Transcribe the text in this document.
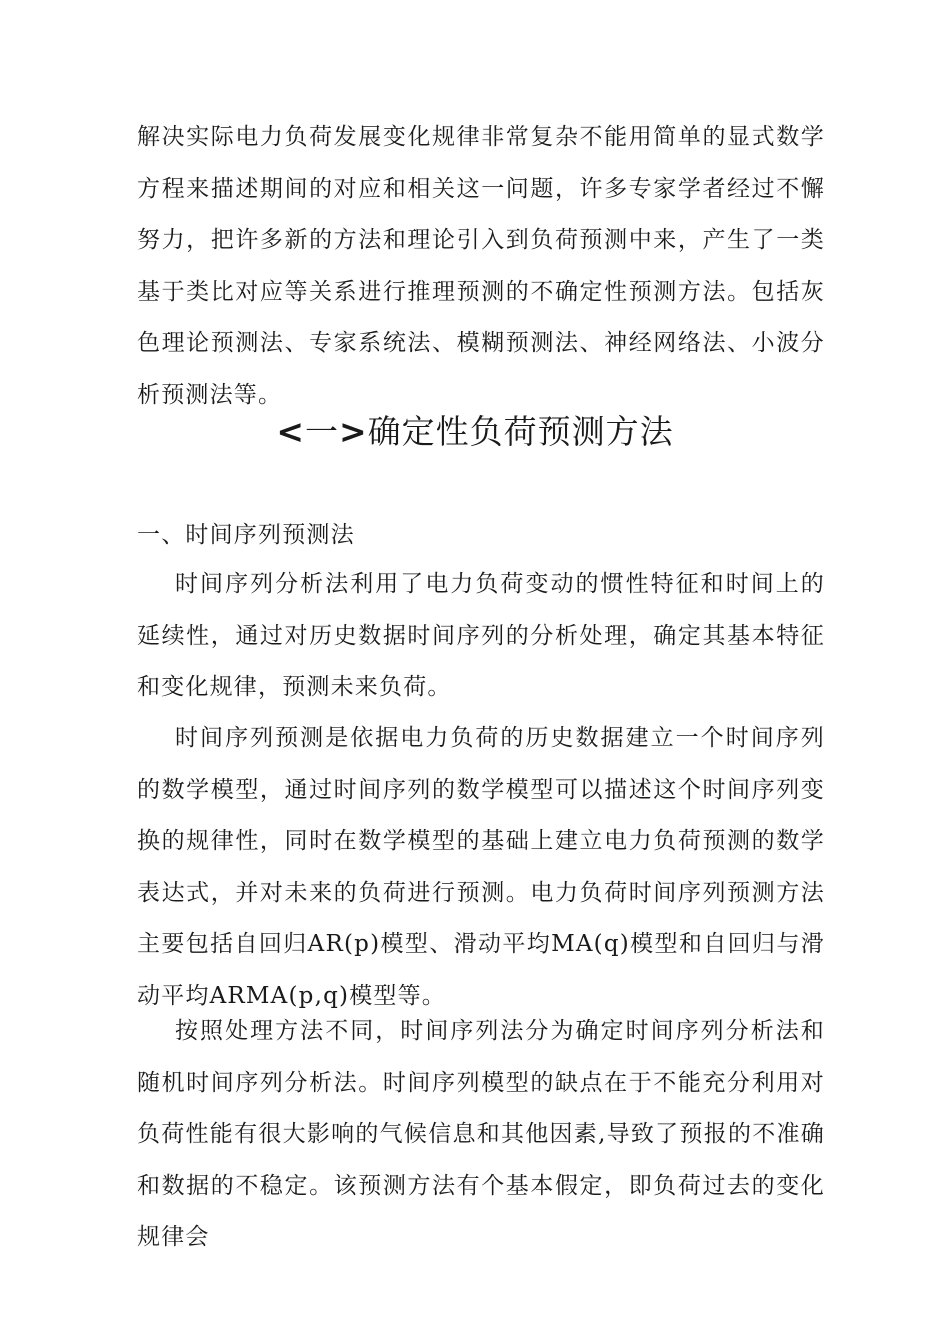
解决实际电力负荷发展变化规律非常复杂不能用简单的显式数学方程来描述期间的对应和相关这一问题，许多专家学者经过不懈努力，把许多新的方法和理论引入到负荷预测中来，产生了一类基于类比对应等关系进行推理预测的不确定性预测方法。包括灰色理论预测法、专家系统法、模糊预测法、神经网络法、小波分析预测法等。

<一>确定性负荷预测方法
一、时间序列预测法

时间序列分析法利用了电力负荷变动的惯性特征和时间上的延续性，通过对历史数据时间序列的分析处理，确定其基本特征和变化规律，预测未来负荷。

时间序列预测是依据电力负荷的历史数据建立一个时间序列的数学模型，通过时间序列的数学模型可以描述这个时间序列变换的规律性，同时在数学模型的基础上建立电力负荷预测的数学表达式，并对未来的负荷进行预测。电力负荷时间序列预测方法主要包括自回归AR(p)模型、滑动平均MA(q)模型和自回归与滑动平均ARMA(p,q)模型等。

按照处理方法不同，时间序列法分为确定时间序列分析法和随机时间序列分析法。时间序列模型的缺点在于不能充分利用对负荷性能有很大影响的气候信息和其他因素,导致了预报的不准确和数据的不稳定。该预测方法有个基本假定，即负荷过去的变化规律会
